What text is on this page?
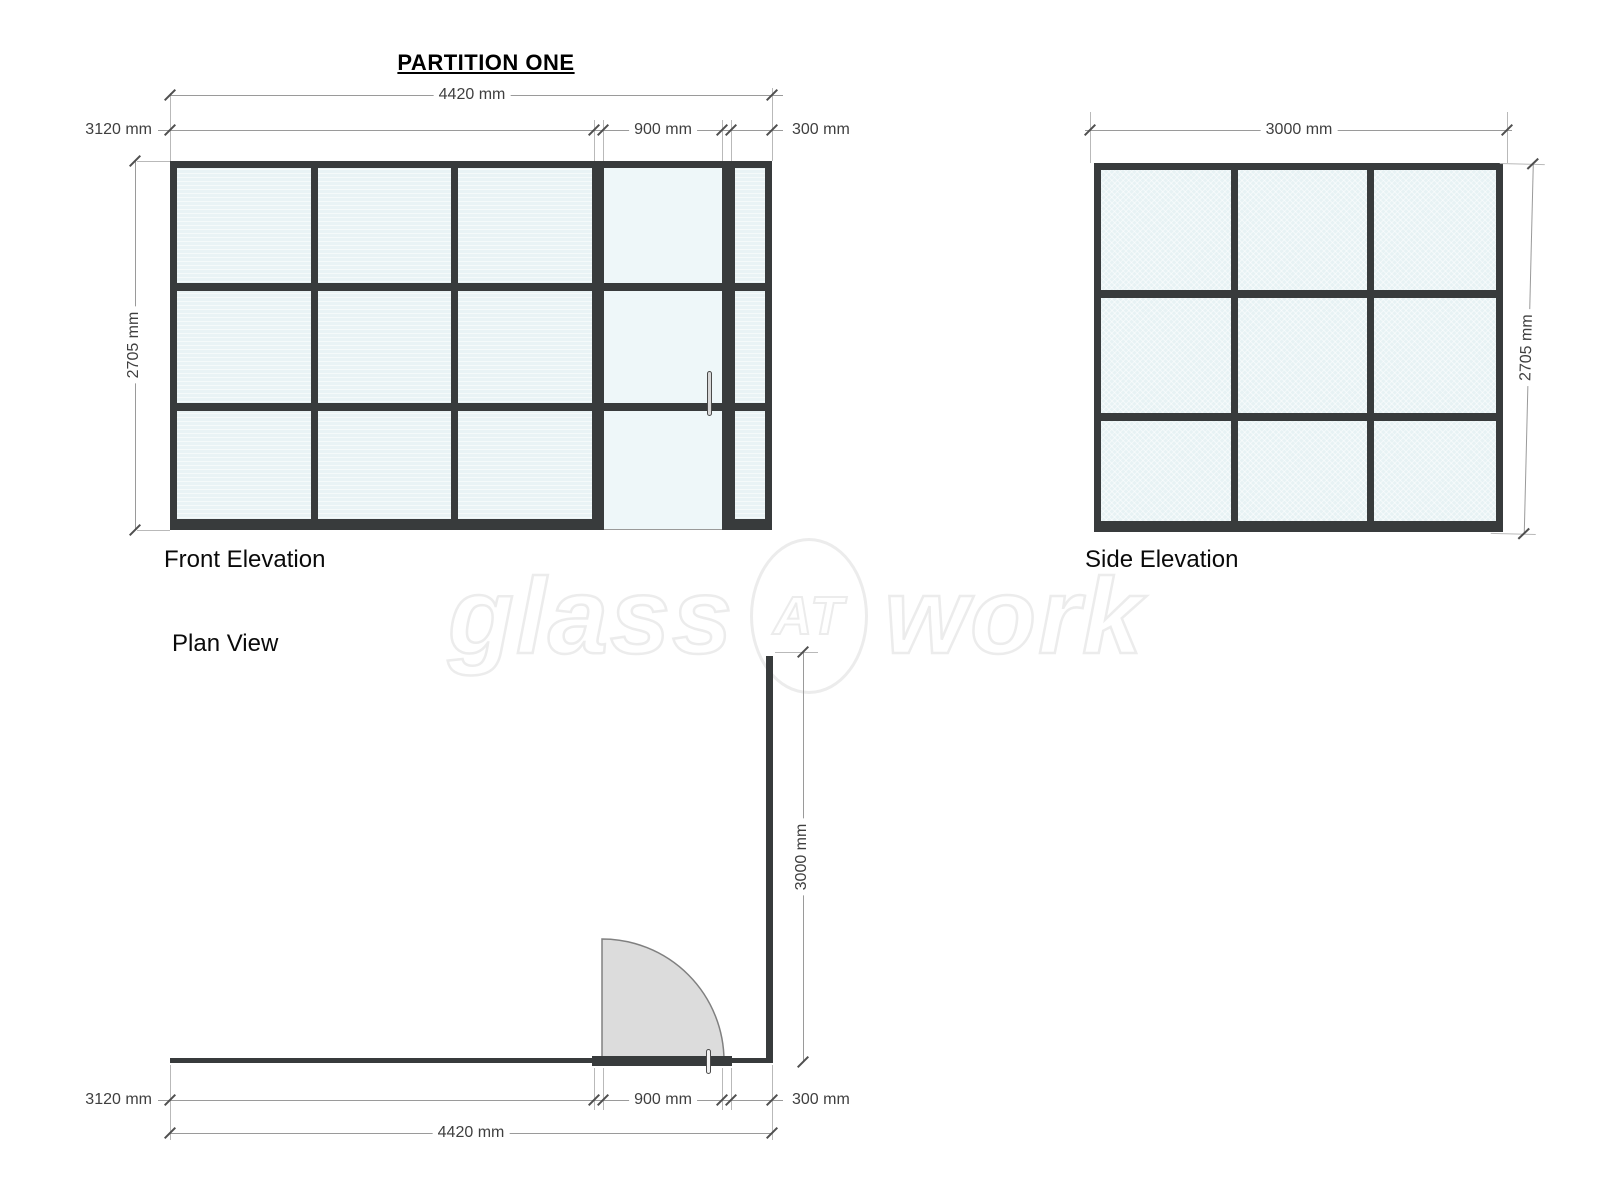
glass AT work
PARTITION ONE
4420 mm
3120 mm	900 mm	300 mm
2705 mm
Front Elevation
3000 mm
2705 mm
Side Elevation
Plan View
3000 mm
3120 mm	900 mm	300 mm
4420 mm
